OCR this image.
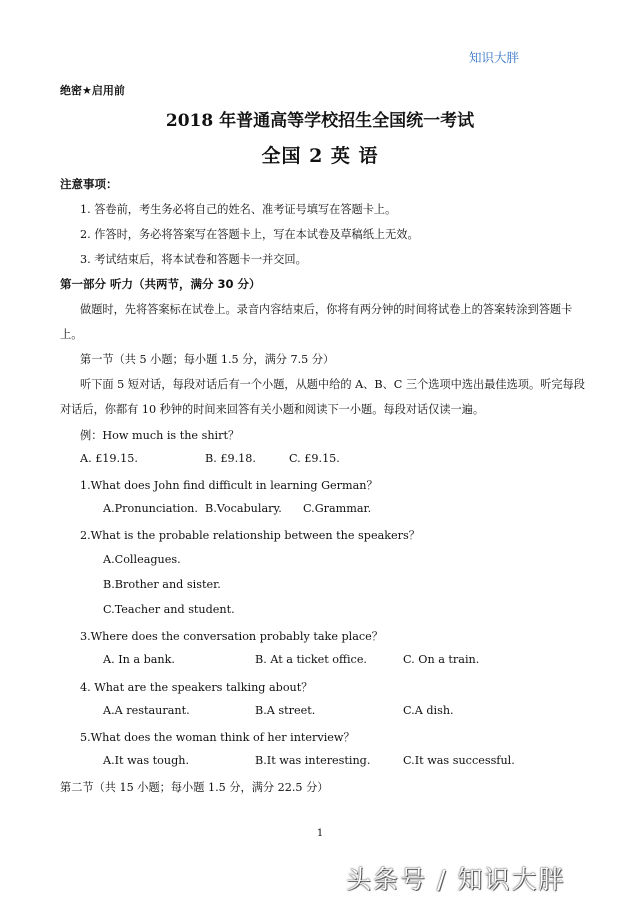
知识大胖
绝密★启用前
2018 年普通高等学校招生全国统一考试
全国 2 英 语
注意事项：
1. 答卷前，考生务必将自己的姓名、准考证号填写在答题卡上。
2. 作答时，务必将答案写在答题卡上，写在本试卷及草稿纸上无效。
3. 考试结束后，将本试卷和答题卡一并交回。
第一部分 听力（共两节，满分 30 分）
做题时，先将答案标在试卷上。录音内容结束后，你将有两分钟的时间将试卷上的答案转涂到答题卡
上。
第一节（共 5 小题；每小题 1.5 分，满分 7.5 分）
听下面 5 短对话，每段对话后有一个小题，从题中给的 A、B、C 三个选项中选出最佳选项。听完每段
对话后，你都有 10 秒钟的时间来回答有关小题和阅读下一小题。每段对话仅读一遍。
例：How much is the shirt？
A. £19.15.	B. £9.18.	C. £9.15.
1.What does John find difficult in learning German？
A.Pronunciation. B.Vocabulary. C.Grammar.
2.What is the probable relationship between the speakers？
A.Colleagues.
B.Brother and sister.
C.Teacher and student.
3.Where does the conversation probably take place？
A. In a bank.	B. At a ticket office.	C. On a train.
4. What are the speakers talking about？
A.A restaurant.	B.A street.	C.A dish.
5.What does the woman think of her interview？
A.It was tough.	B.It was interesting.	C.It was successful.
第二节（共 15 小题；每小题 1.5 分，满分 22.5 分）
1
头条号 / 知识大胖
